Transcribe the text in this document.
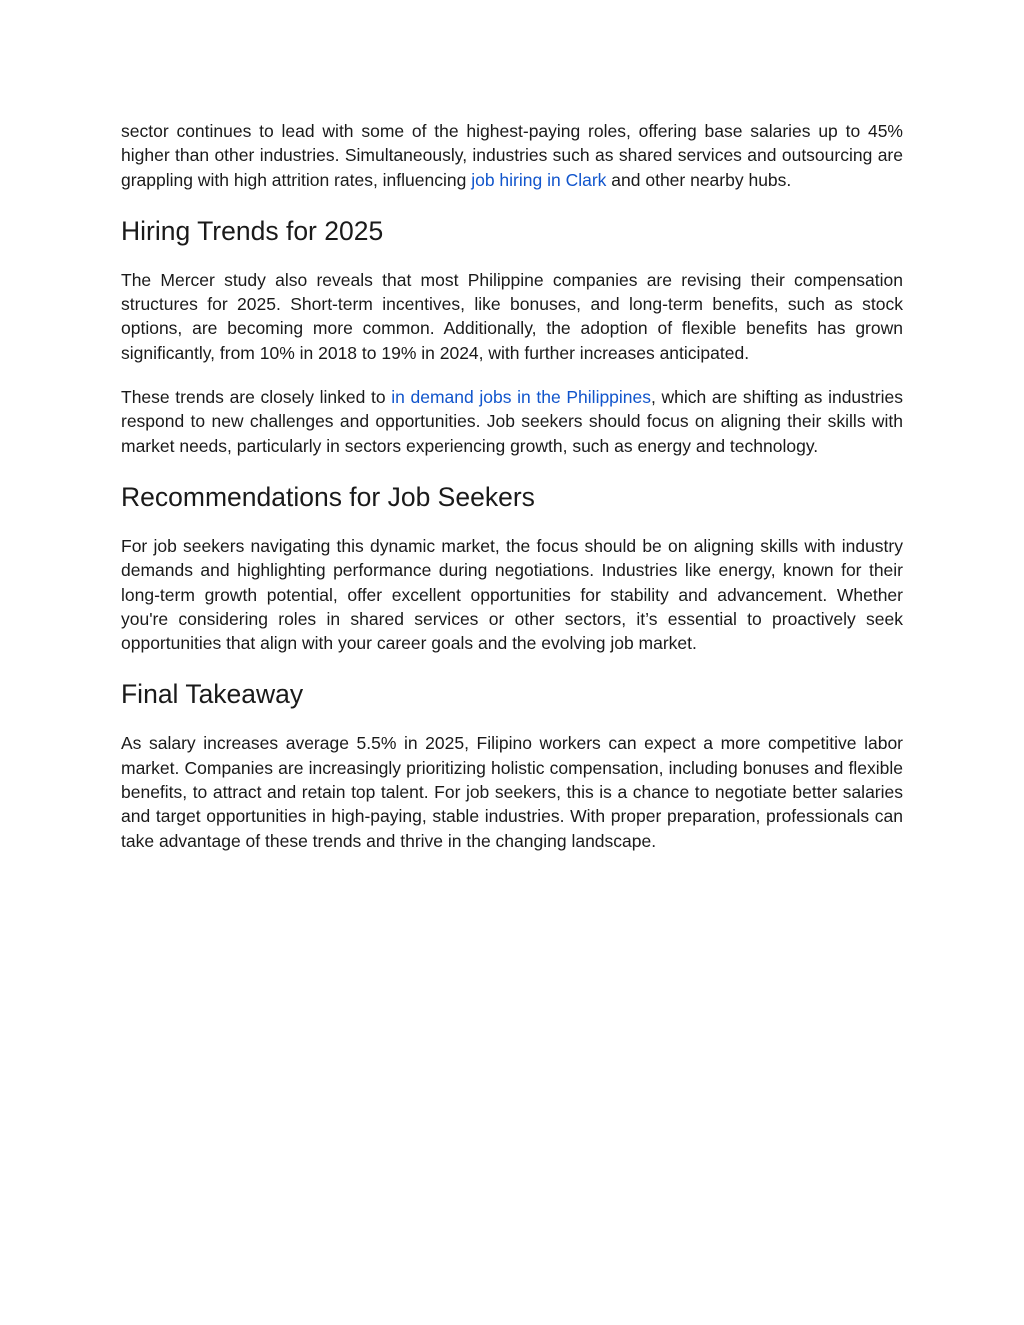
sector continues to lead with some of the highest-paying roles, offering base salaries up to 45% higher than other industries. Simultaneously, industries such as shared services and outsourcing are grappling with high attrition rates, influencing job hiring in Clark and other nearby hubs.

Hiring Trends for 2025

The Mercer study also reveals that most Philippine companies are revising their compensation structures for 2025. Short-term incentives, like bonuses, and long-term benefits, such as stock options, are becoming more common. Additionally, the adoption of flexible benefits has grown significantly, from 10% in 2018 to 19% in 2024, with further increases anticipated.

These trends are closely linked to in demand jobs in the Philippines, which are shifting as industries respond to new challenges and opportunities. Job seekers should focus on aligning their skills with market needs, particularly in sectors experiencing growth, such as energy and technology.

Recommendations for Job Seekers

For job seekers navigating this dynamic market, the focus should be on aligning skills with industry demands and highlighting performance during negotiations. Industries like energy, known for their long-term growth potential, offer excellent opportunities for stability and advancement. Whether you're considering roles in shared services or other sectors, it’s essential to proactively seek opportunities that align with your career goals and the evolving job market.

Final Takeaway

As salary increases average 5.5% in 2025, Filipino workers can expect a more competitive labor market. Companies are increasingly prioritizing holistic compensation, including bonuses and flexible benefits, to attract and retain top talent. For job seekers, this is a chance to negotiate better salaries and target opportunities in high-paying, stable industries. With proper preparation, professionals can take advantage of these trends and thrive in the changing landscape.
